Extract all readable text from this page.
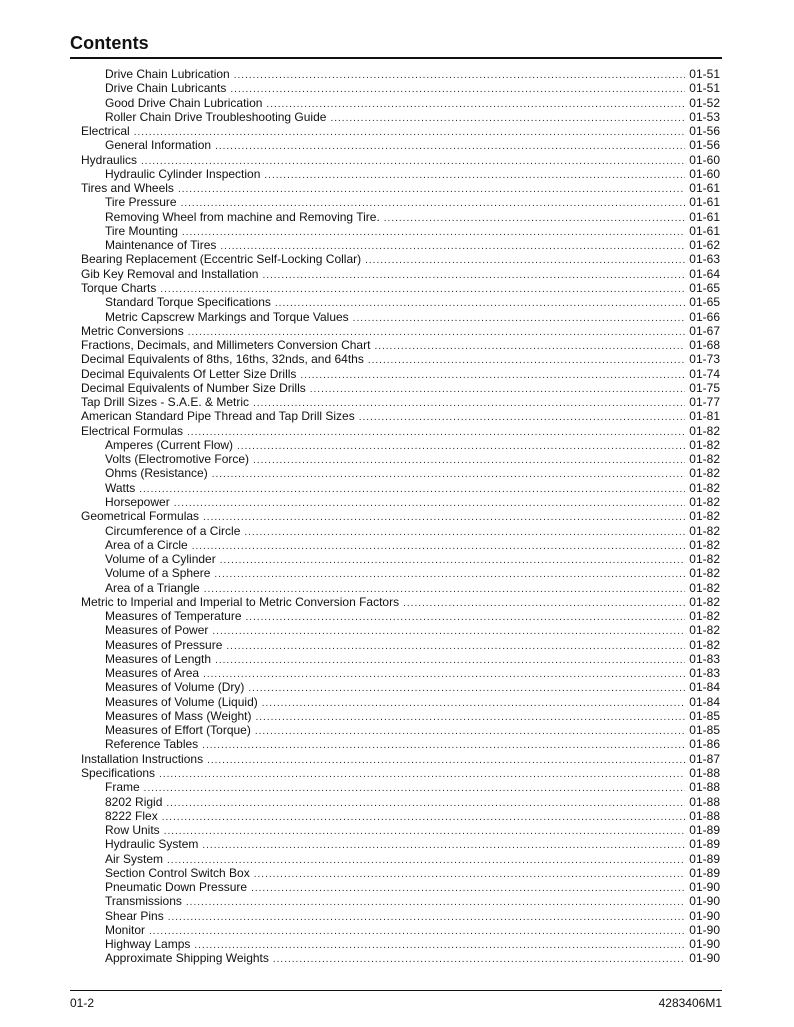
Contents
Drive Chain Lubrication .....	01-51
Drive Chain Lubricants .....	01-51
Good Drive Chain Lubrication .....	01-52
Roller Chain Drive Troubleshooting Guide .....	01-53
Electrical .....	01-56
General Information .....	01-56
Hydraulics .....	01-60
Hydraulic Cylinder Inspection .....	01-60
Tires and Wheels .....	01-61
Tire Pressure .....	01-61
Removing Wheel from machine and Removing Tire. .....	01-61
Tire Mounting .....	01-61
Maintenance of Tires .....	01-62
Bearing Replacement (Eccentric Self-Locking Collar) .....	01-63
Gib Key Removal and Installation .....	01-64
Torque Charts .....	01-65
Standard Torque Specifications .....	01-65
Metric Capscrew Markings and Torque Values .....	01-66
Metric Conversions .....	01-67
Fractions, Decimals, and Millimeters Conversion Chart .....	01-68
Decimal Equivalents of 8ths, 16ths, 32nds, and 64ths .....	01-73
Decimal Equivalents Of Letter Size Drills .....	01-74
Decimal Equivalents of Number Size Drills .....	01-75
Tap Drill Sizes - S.A.E. & Metric .....	01-77
American Standard Pipe Thread and Tap Drill Sizes .....	01-81
Electrical Formulas .....	01-82
Amperes (Current Flow) .....	01-82
Volts (Electromotive Force) .....	01-82
Ohms (Resistance) .....	01-82
Watts .....	01-82
Horsepower .....	01-82
Geometrical Formulas .....	01-82
Circumference of a Circle .....	01-82
Area of a Circle .....	01-82
Volume of a Cylinder .....	01-82
Volume of a Sphere .....	01-82
Area of a Triangle .....	01-82
Metric to Imperial and Imperial to Metric Conversion Factors .....	01-82
Measures of Temperature .....	01-82
Measures of Power .....	01-82
Measures of Pressure .....	01-82
Measures of Length .....	01-83
Measures of Area .....	01-83
Measures of Volume (Dry) .....	01-84
Measures of Volume (Liquid) .....	01-84
Measures of Mass (Weight) .....	01-85
Measures of Effort (Torque) .....	01-85
Reference Tables .....	01-86
Installation Instructions .....	01-87
Specifications .....	01-88
Frame .....	01-88
8202 Rigid .....	01-88
8222 Flex .....	01-88
Row Units .....	01-89
Hydraulic System .....	01-89
Air System .....	01-89
Section Control Switch Box .....	01-89
Pneumatic Down Pressure .....	01-90
Transmissions .....	01-90
Shear Pins .....	01-90
Monitor .....	01-90
Highway Lamps .....	01-90
Approximate Shipping Weights .....	01-90
01-2	4283406M1
